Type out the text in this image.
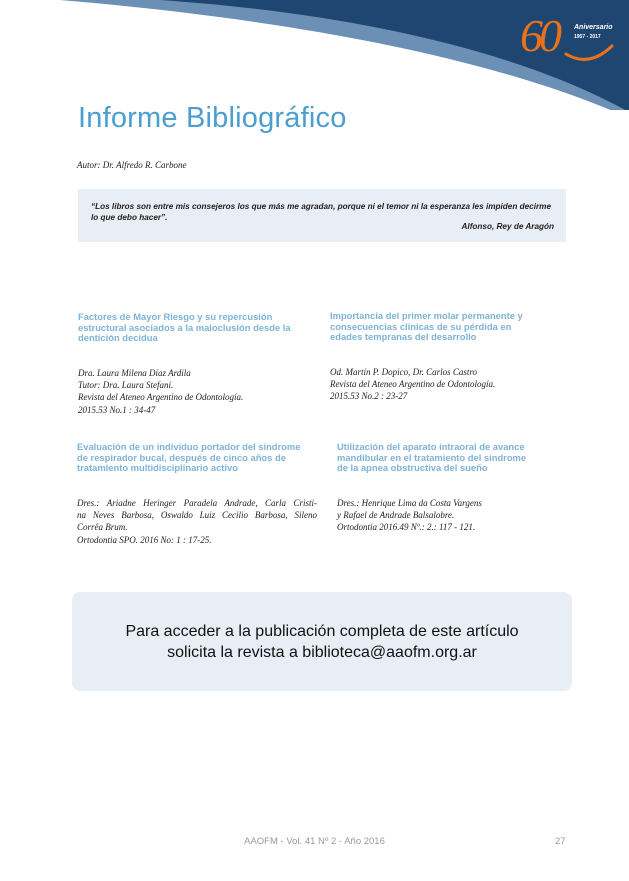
60 Aniversario
1957 - 2017
Informe Bibliográfico
Autor: Dr. Alfredo R. Carbone
“Los libros son entre mis consejeros los que más me agradan, porque ni el temor ni la esperanza les impiden decirme lo que debo hacer”.
Alfonso, Rey de Aragón
Factores de Mayor Riesgo y su repercusión
estructural asociados a la maloclusión desde la
dentición decidua
Dra. Laura Milena Díaz Ardila
Tutor: Dra. Laura Stefani.
Revista del Ateneo Argentino de Odontología.
2015.53 No.1 : 34-47
Importancia del primer molar permanente y
consecuencias clínicas de su pérdida en
edades tempranas del desarrollo
Od. Martín P. Dopico, Dr. Carlos Castro
Revista del Ateneo Argentino de Odontología.
2015.53 No.2 : 23-27
Evaluación de un individuo portador del síndrome
de respirador bucal, después de cinco años de
tratamiento multidisciplinario activo
Dres.: Ariadne Heringer Paradela Andrade, Carla Cristi-
na Neves Barbosa, Oswaldo Luiz Cecilio Barbosa, Sileno
Corrêa Brum.
Ortodontia SPO. 2016 No: 1 : 17-25.
Utilización del aparato intraoral de avance
mandibular en el tratamiento del síndrome
de la apnea obstructiva del sueño
Dres.: Henrique Lima da Costa Vargens
y Rafael de Andrade Balsalobre.
Ortodontia 2016.49 Nº.: 2.: 117 - 121.
Para acceder a la publicación completa de este artículo
solicita la revista a biblioteca@aaofm.org.ar
AAOFM - Vol. 41 Nº 2 - Año 2016	27
